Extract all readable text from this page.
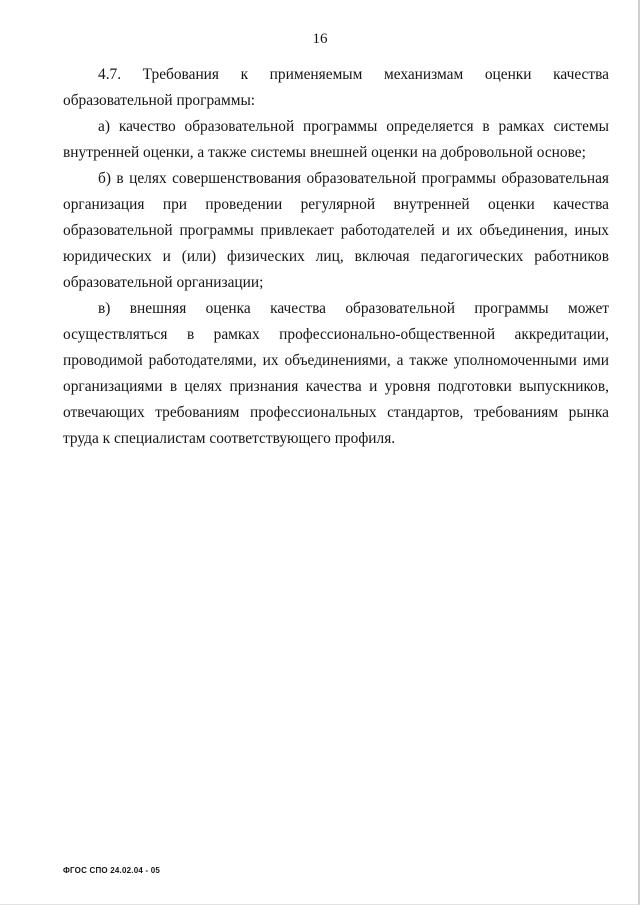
16

4.7. Требования к применяемым механизмам оценки качества образовательной программы:

а) качество образовательной программы определяется в рамках системы внутренней оценки, а также системы внешней оценки на добровольной основе;

б) в целях совершенствования образовательной программы образовательная организация при проведении регулярной внутренней оценки качества образовательной программы привлекает работодателей и их объединения, иных юридических и (или) физических лиц, включая педагогических работников образовательной организации;

в) внешняя оценка качества образовательной программы может осуществляться в рамках профессионально-общественной аккредитации, проводимой работодателями, их объединениями, а также уполномоченными ими организациями в целях признания качества и уровня подготовки выпускников, отвечающих требованиям профессиональных стандартов, требованиям рынка труда к специалистам соответствующего профиля.

ФГОС СПО 24.02.04 - 05
